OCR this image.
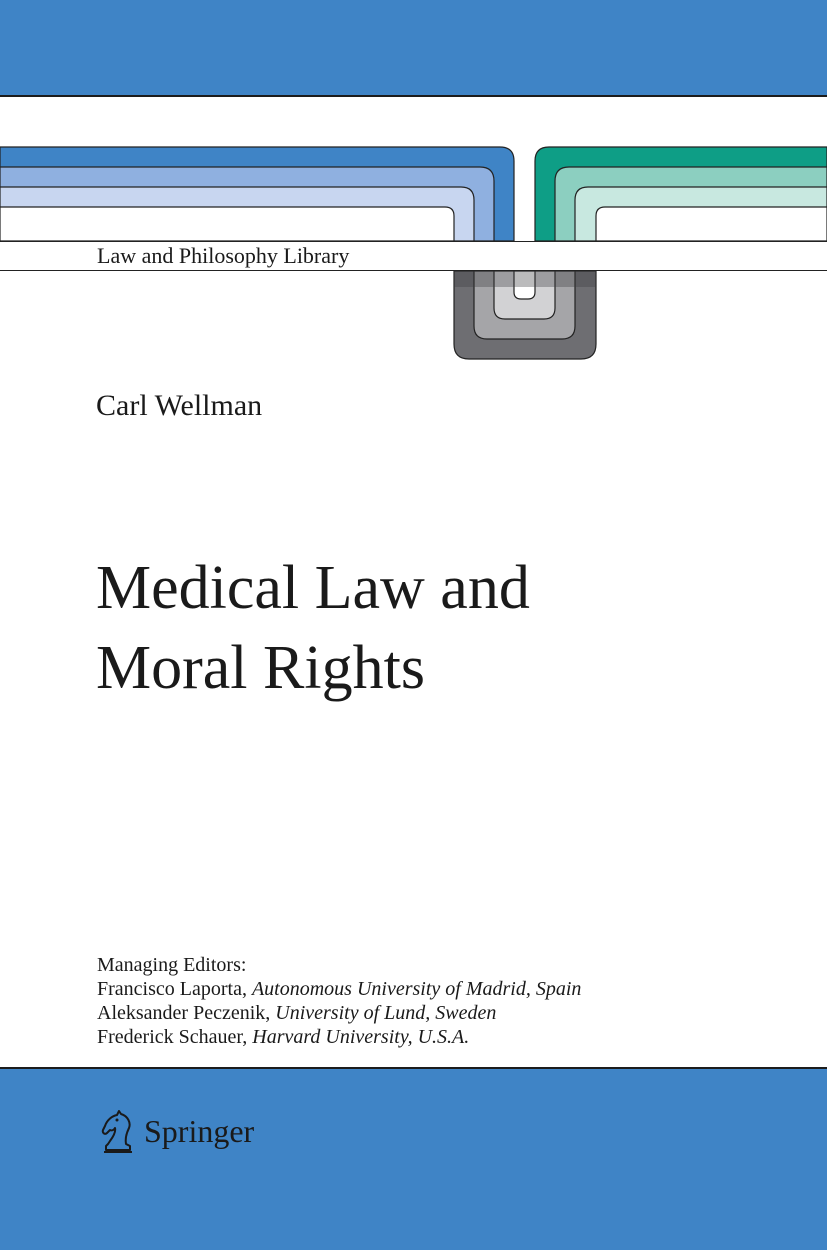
Law and Philosophy Library
Carl Wellman
Medical Law and
Moral Rights
Managing Editors:
Francisco Laporta, Autonomous University of Madrid, Spain
Aleksander Peczenik, University of Lund, Sweden
Frederick Schauer, Harvard University, U.S.A.
Springer
